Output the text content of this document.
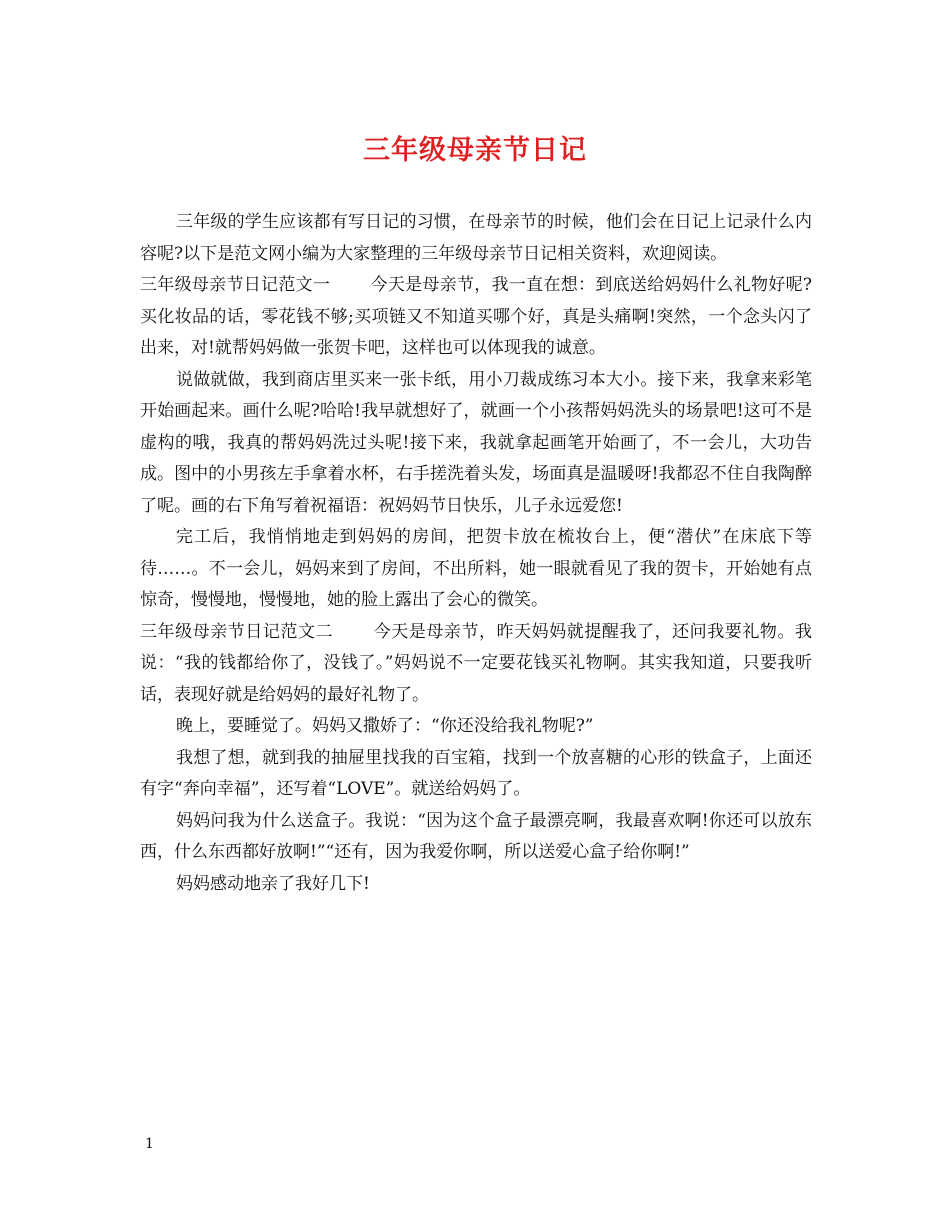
三年级母亲节日记

三年级的学生应该都有写日记的习惯，在母亲节的时候，他们会在日记上记录什么内容呢?以下是范文网小编为大家整理的三年级母亲节日记相关资料，欢迎阅读。

三年级母亲节日记范文一 今天是母亲节，我一直在想：到底送给妈妈什么礼物好呢?买化妆品的话，零花钱不够;买项链又不知道买哪个好，真是头痛啊!突然，一个念头闪了出来，对!就帮妈妈做一张贺卡吧，这样也可以体现我的诚意。

说做就做，我到商店里买来一张卡纸，用小刀裁成练习本大小。接下来，我拿来彩笔开始画起来。画什么呢?哈哈!我早就想好了，就画一个小孩帮妈妈洗头的场景吧!这可不是虚构的哦，我真的帮妈妈洗过头呢!接下来，我就拿起画笔开始画了，不一会儿，大功告成。图中的小男孩左手拿着水杯，右手搓洗着头发，场面真是温暖呀!我都忍不住自我陶醉了呢。画的右下角写着祝福语：祝妈妈节日快乐，儿子永远爱您!

完工后，我悄悄地走到妈妈的房间，把贺卡放在梳妆台上，便“潜伏”在床底下等待……。不一会儿，妈妈来到了房间，不出所料，她一眼就看见了我的贺卡，开始她有点惊奇，慢慢地，慢慢地，她的脸上露出了会心的微笑。

三年级母亲节日记范文二 今天是母亲节，昨天妈妈就提醒我了，还问我要礼物。我说：“我的钱都给你了，没钱了。”妈妈说不一定要花钱买礼物啊。其实我知道，只要我听话，表现好就是给妈妈的最好礼物了。

晚上，要睡觉了。妈妈又撒娇了：“你还没给我礼物呢?”

我想了想，就到我的抽屉里找我的百宝箱，找到一个放喜糖的心形的铁盒子，上面还有字“奔向幸福”，还写着“LOVE”。就送给妈妈了。

妈妈问我为什么送盒子。我说：“因为这个盒子最漂亮啊，我最喜欢啊!你还可以放东西，什么东西都好放啊!”“还有，因为我爱你啊，所以送爱心盒子给你啊!”

妈妈感动地亲了我好几下!

1
